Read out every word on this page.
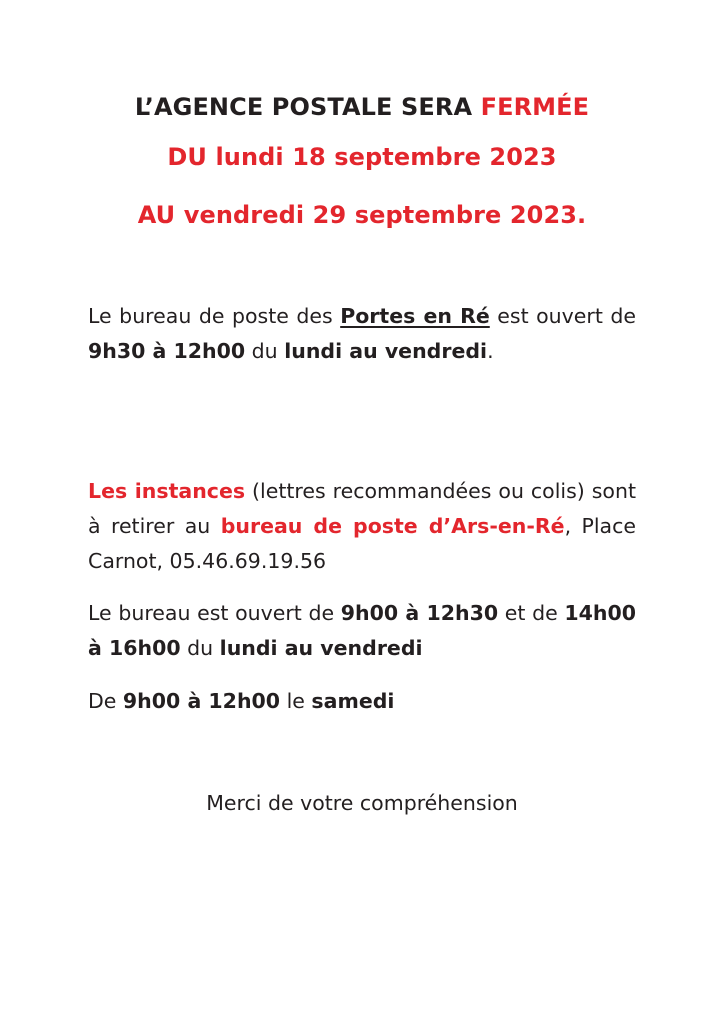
L’AGENCE POSTALE SERA FERMÉE
DU lundi 18 septembre 2023
AU vendredi 29 septembre 2023.

Le bureau de poste des Portes en Ré est ouvert de 9h30 à 12h00 du lundi au vendredi.

Les instances (lettres recommandées ou colis) sont à retirer au bureau de poste d’Ars-en-Ré, Place Carnot, 05.46.69.19.56

Le bureau est ouvert de 9h00 à 12h30 et de 14h00 à 16h00 du lundi au vendredi

De 9h00 à 12h00 le samedi

Merci de votre compréhension
